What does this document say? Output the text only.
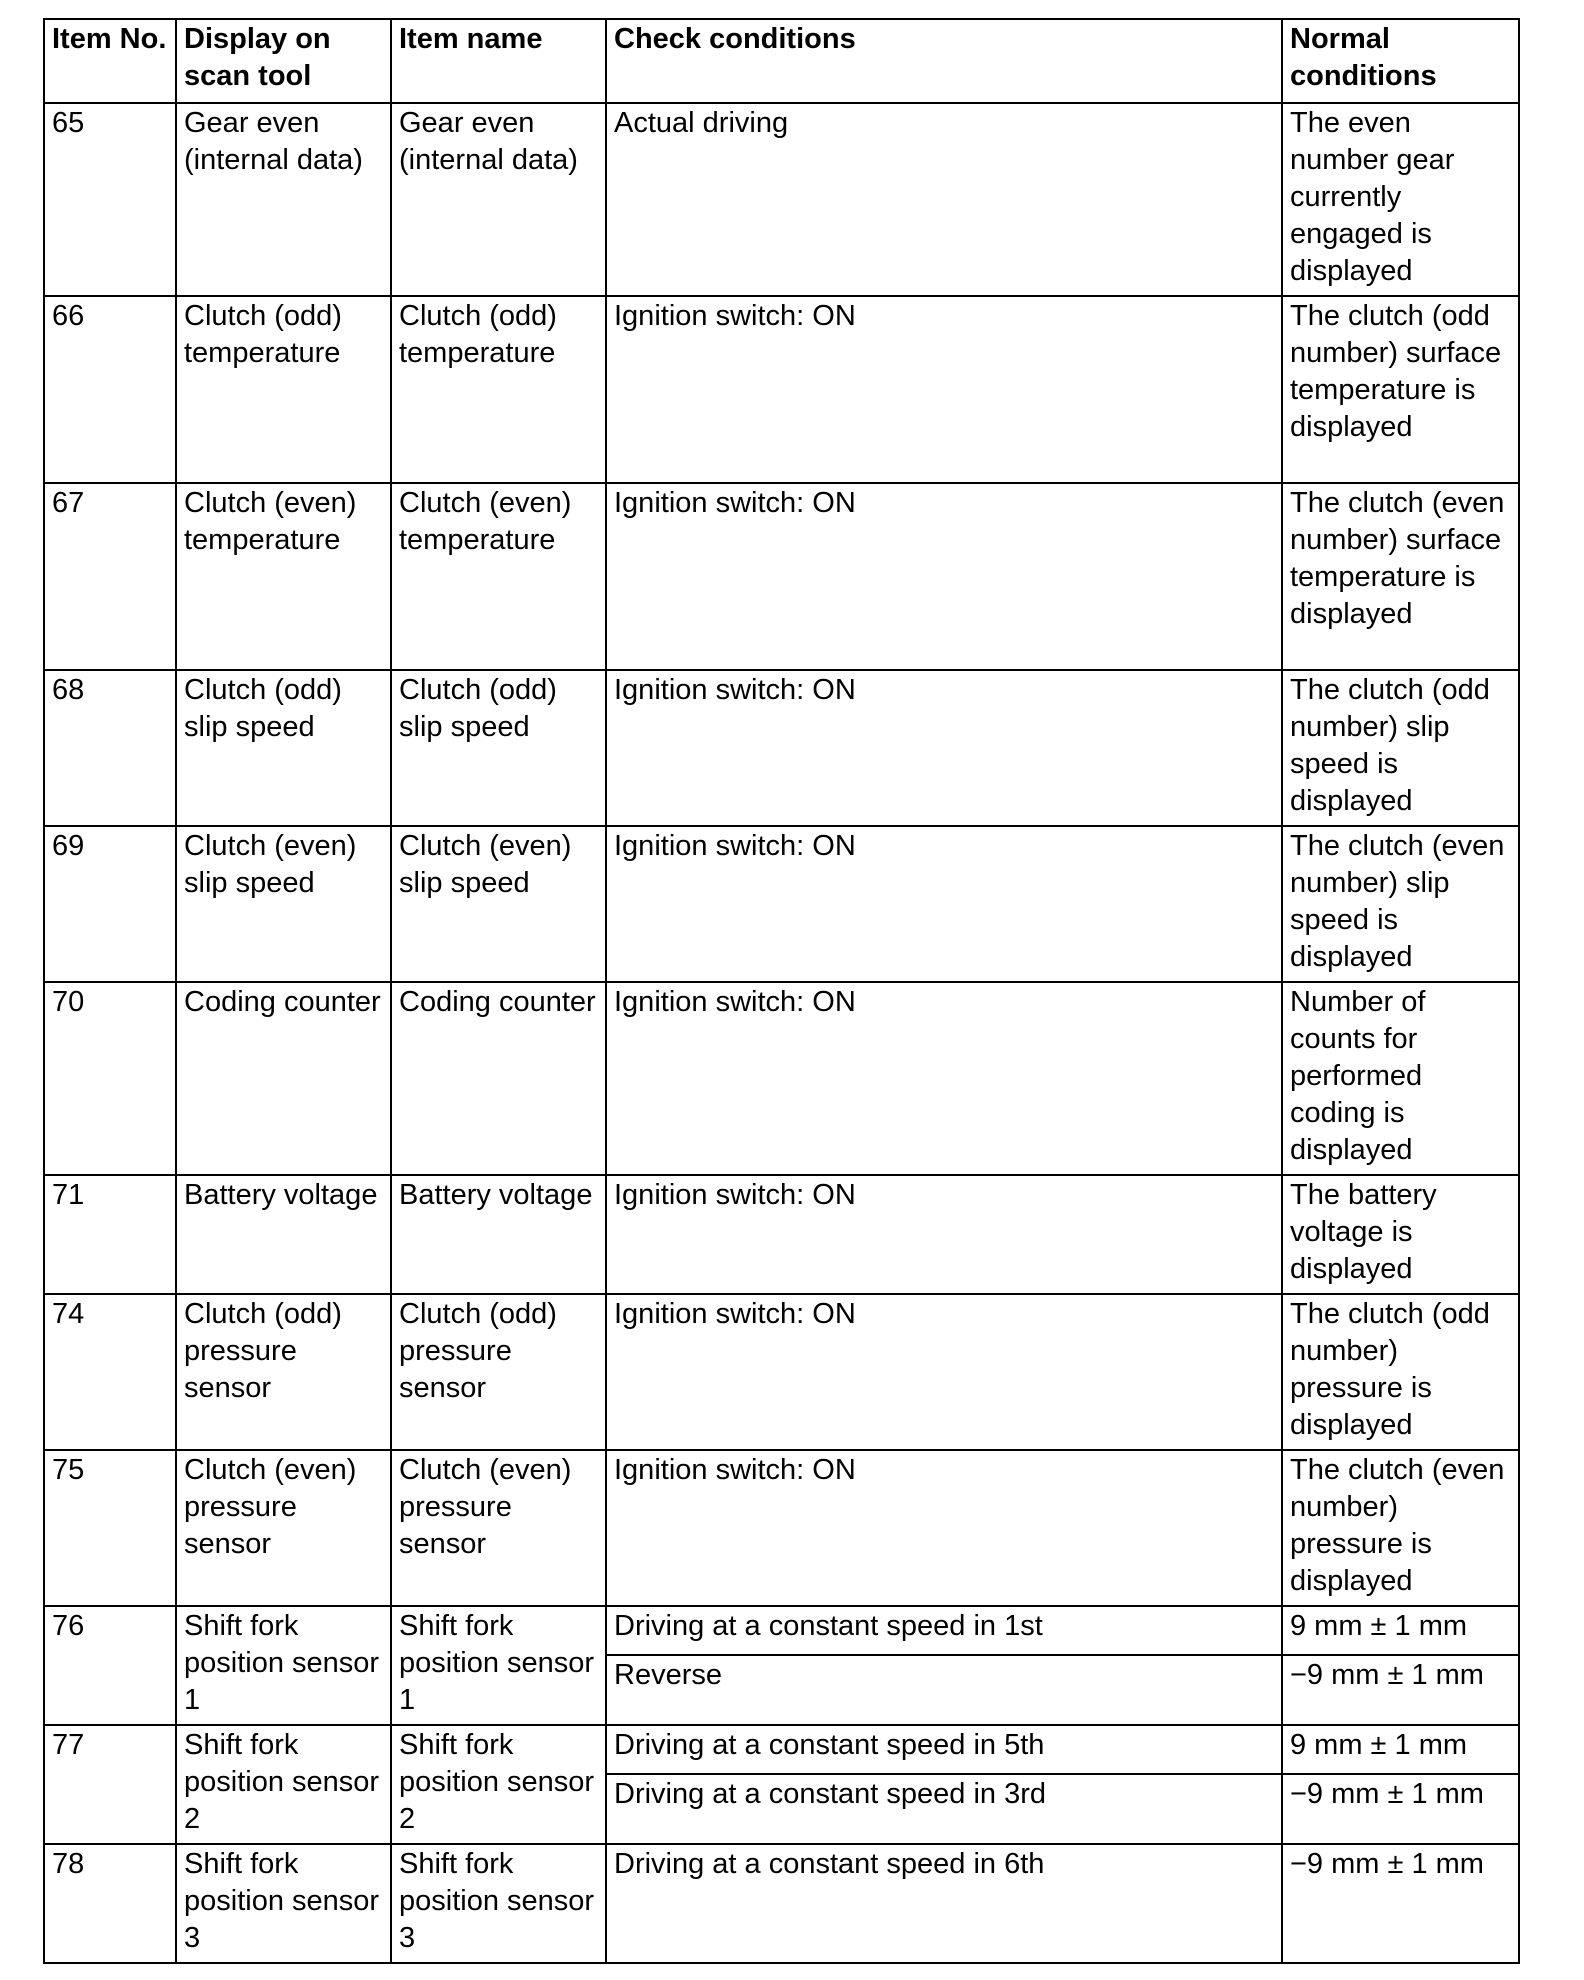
Item No.	Display on scan tool	Item name	Check conditions	Normal conditions
65	Gear even (internal data)	Gear even (internal data)	Actual driving	The even number gear currently engaged is displayed
66	Clutch (odd) temperature	Clutch (odd) temperature	Ignition switch: ON	The clutch (odd number) surface temperature is displayed
67	Clutch (even) temperature	Clutch (even) temperature	Ignition switch: ON	The clutch (even number) surface temperature is displayed
68	Clutch (odd) slip speed	Clutch (odd) slip speed	Ignition switch: ON	The clutch (odd number) slip speed is displayed
69	Clutch (even) slip speed	Clutch (even) slip speed	Ignition switch: ON	The clutch (even number) slip speed is displayed
70	Coding counter	Coding counter	Ignition switch: ON	Number of counts for performed coding is displayed
71	Battery voltage	Battery voltage	Ignition switch: ON	The battery voltage is displayed
74	Clutch (odd) pressure sensor	Clutch (odd) pressure sensor	Ignition switch: ON	The clutch (odd number) pressure is displayed
75	Clutch (even) pressure sensor	Clutch (even) pressure sensor	Ignition switch: ON	The clutch (even number) pressure is displayed
76	Shift fork position sensor 1	Shift fork position sensor 1	Driving at a constant speed in 1st	9 mm ± 1 mm
			Reverse	−9 mm ± 1 mm
77	Shift fork position sensor 2	Shift fork position sensor 2	Driving at a constant speed in 5th	9 mm ± 1 mm
			Driving at a constant speed in 3rd	−9 mm ± 1 mm
78	Shift fork position sensor 3	Shift fork position sensor 3	Driving at a constant speed in 6th	−9 mm ± 1 mm
